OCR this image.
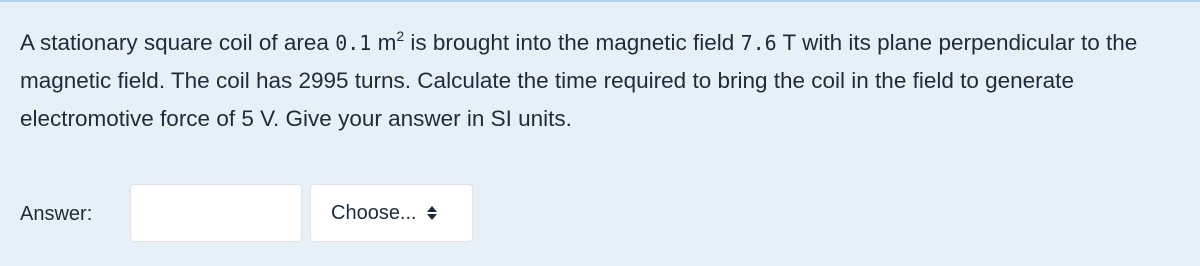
A stationary square coil of area 0.1 $m^2$ is brought into the magnetic field 7.6 T with its plane perpendicular to the magnetic field. The coil has 2995 turns. Calculate the time required to bring the coil in the field to generate electromotive force of 5 V. Give your answer in SI units.

Answer:	Choose...
